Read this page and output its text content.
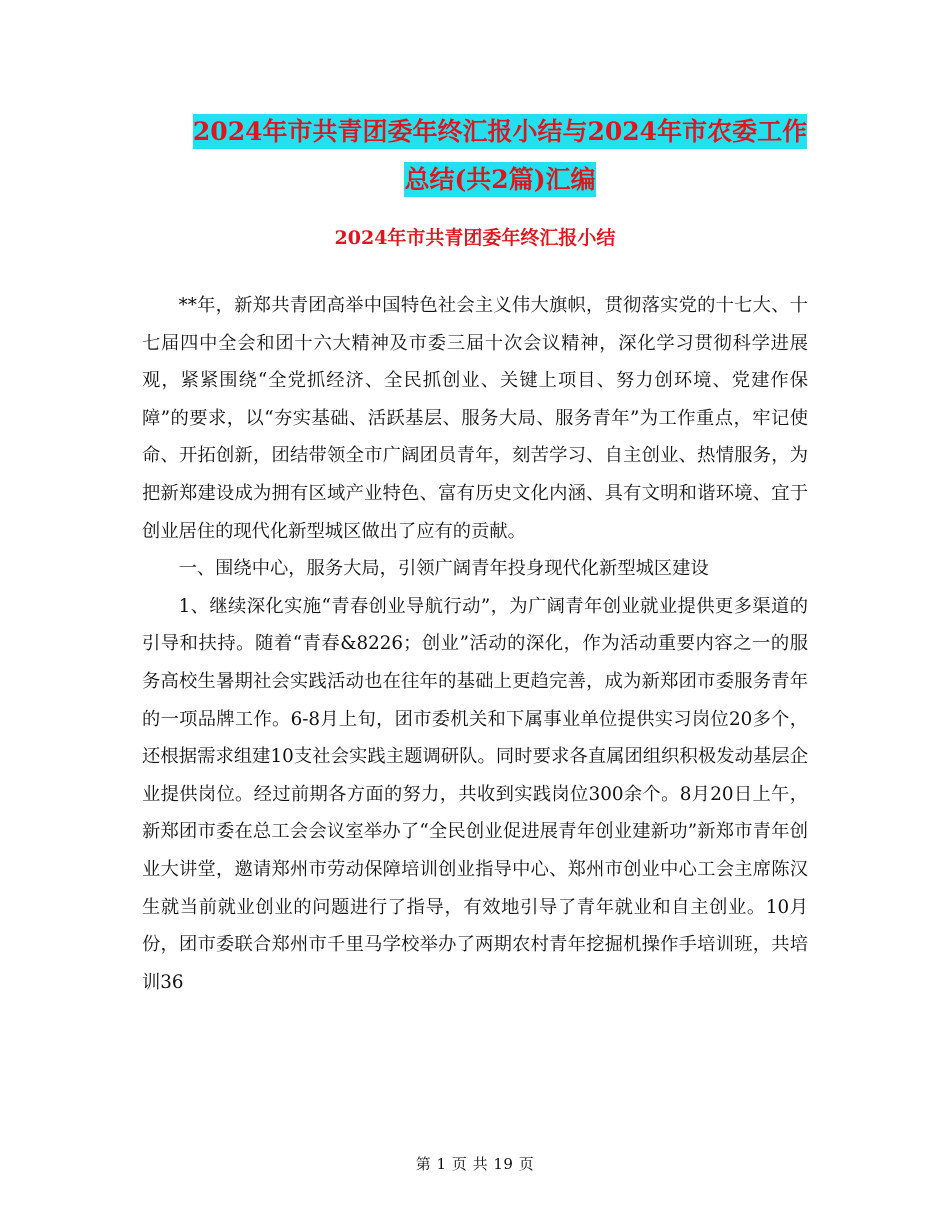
2024年市共青团委年终汇报小结与2024年市农委工作
总结(共2篇)汇编
2024年市共青团委年终汇报小结

**年，新郑共青团高举中国特色社会主义伟大旗帜，贯彻落实党的十七大、十七届四中全会和团十六大精神及市委三届十次会议精神，深化学习贯彻科学进展观，紧紧围绕“全党抓经济、全民抓创业、关键上项目、努力创环境、党建作保障”的要求，以“夯实基础、活跃基层、服务大局、服务青年”为工作重点，牢记使命、开拓创新，团结带领全市广阔团员青年，刻苦学习、自主创业、热情服务，为把新郑建设成为拥有区域产业特色、富有历史文化内涵、具有文明和谐环境、宜于创业居住的现代化新型城区做出了应有的贡献。

一、围绕中心，服务大局，引领广阔青年投身现代化新型城区建设

1、继续深化实施“青春创业导航行动”，为广阔青年创业就业提供更多渠道的引导和扶持。随着“青春&8226；创业”活动的深化，作为活动重要内容之一的服务高校生暑期社会实践活动也在往年的基础上更趋完善，成为新郑团市委服务青年的一项品牌工作。6-8月上旬，团市委机关和下属事业单位提供实习岗位20多个，还根据需求组建10支社会实践主题调研队。同时要求各直属团组织积极发动基层企业提供岗位。经过前期各方面的努力，共收到实践岗位300余个。8月20日上午，新郑团市委在总工会会议室举办了“全民创业促进展青年创业建新功”新郑市青年创业大讲堂，邀请郑州市劳动保障培训创业指导中心、郑州市创业中心工会主席陈汉生就当前就业创业的问题进行了指导，有效地引导了青年就业和自主创业。10月份，团市委联合郑州市千里马学校举办了两期农村青年挖掘机操作手培训班，共培训36

第 1 页 共 19 页
